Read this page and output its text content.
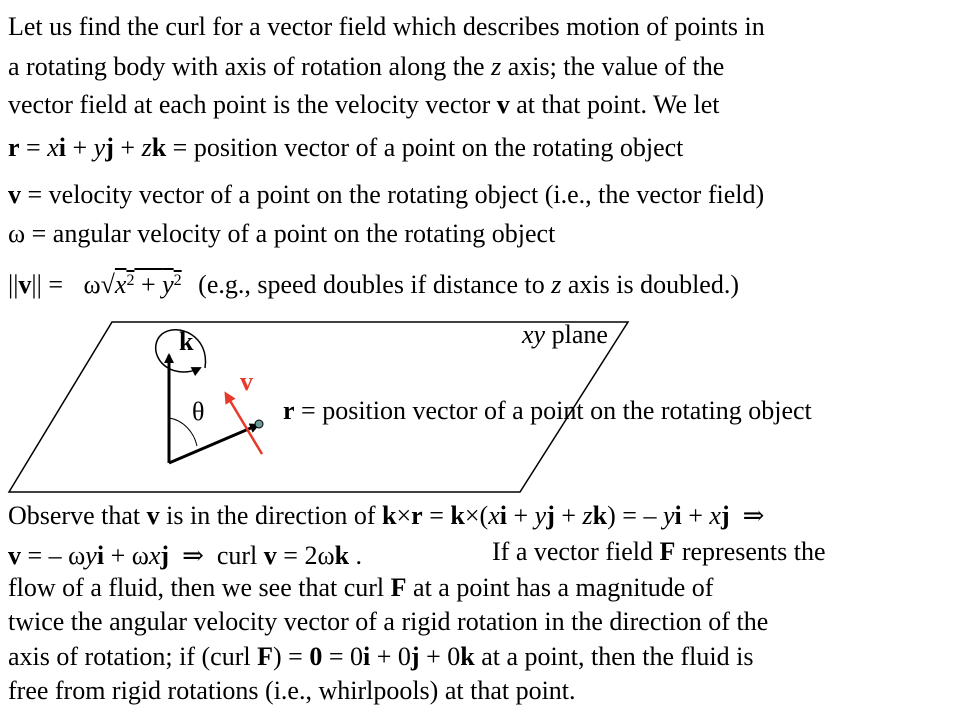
Let us find the curl for a vector field which describes motion of points in
a rotating body with axis of rotation along the z axis; the value of the
vector field at each point is the velocity vector v at that point. We let
r = xi + yj + zk = position vector of a point on the rotating object
v = velocity vector of a point on the rotating object (i.e., the vector field)
ω = angular velocity of a point on the rotating object
$||v|| = \omega√x^2 + y^2$ (e.g., speed doubles if distance to z axis is doubled.)
k
v
θ
xy plane
r = position vector of a point on the rotating object
Observe that v is in the direction of k×r = k×(xi + yj + zk) = – yi + xj  ⇒
v = – ωyi + ωxj  ⇒  curl v = 2ωk .	If a vector field F represents the
flow of a fluid, then we see that curl F at a point has a magnitude of
twice the angular velocity vector of a rigid rotation in the direction of the
axis of rotation; if (curl F) = 0 = 0i + 0j + 0k at a point, then the fluid is
free from rigid rotations (i.e., whirlpools) at that point.
